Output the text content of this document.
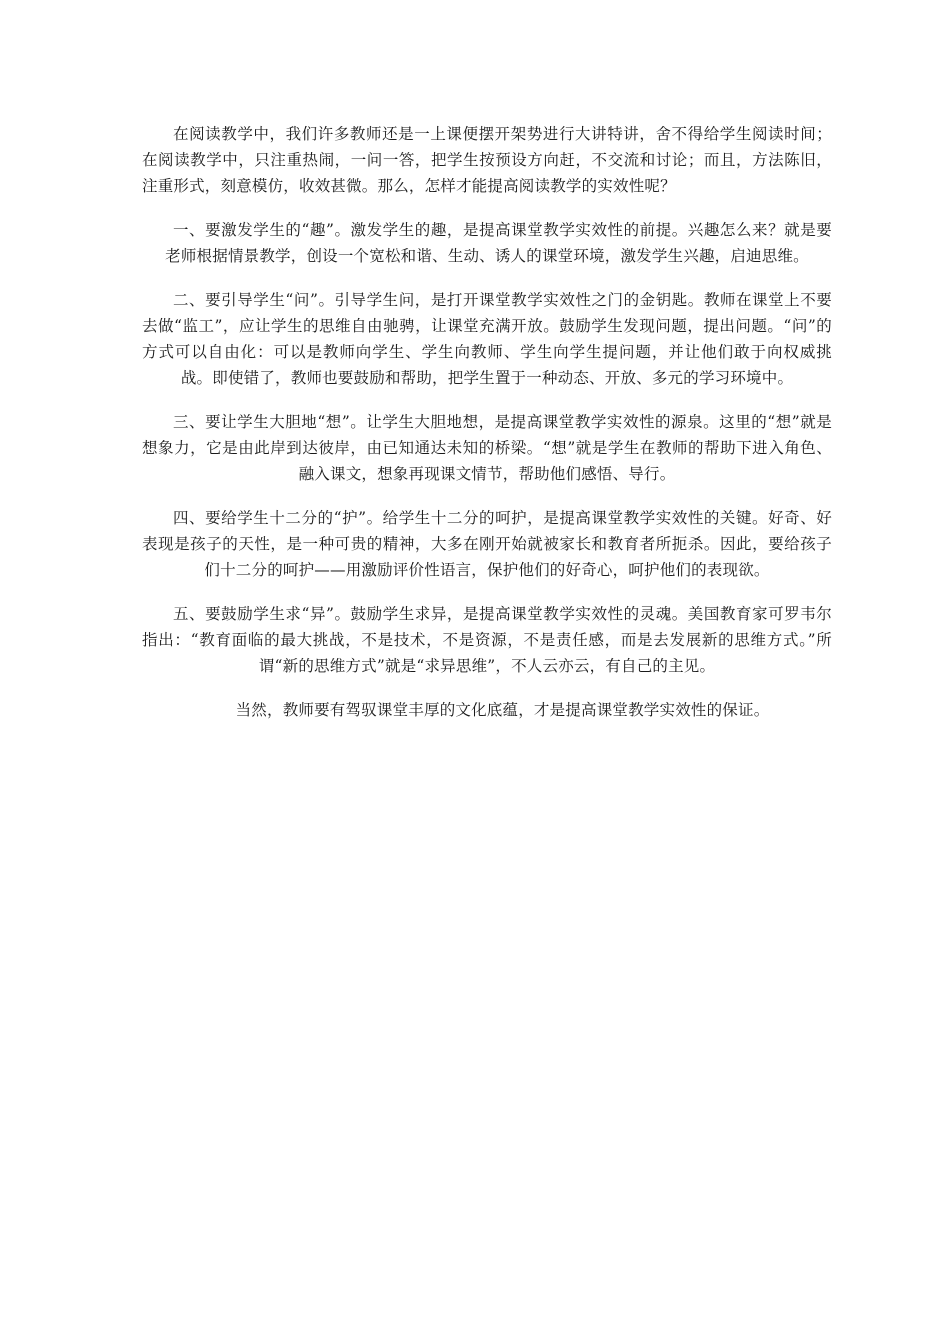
在阅读教学中，我们许多教师还是一上课便摆开架势进行大讲特讲，舍不得给学生阅读时间；在阅读教学中，只注重热闹，一问一答，把学生按预设方向赶，不交流和讨论；而且，方法陈旧，注重形式，刻意模仿，收效甚微。那么，怎样才能提高阅读教学的实效性呢？

一、要激发学生的“趣”。激发学生的趣，是提高课堂教学实效性的前提。兴趣怎么来？就是要老师根据情景教学，创设一个宽松和谐、生动、诱人的课堂环境，激发学生兴趣，启迪思维。

二、要引导学生“问”。引导学生问，是打开课堂教学实效性之门的金钥匙。教师在课堂上不要去做“监工”，应让学生的思维自由驰骋，让课堂充满开放。鼓励学生发现问题，提出问题。“问”的方式可以自由化：可以是教师向学生、学生向教师、学生向学生提问题，并让他们敢于向权威挑战。即使错了，教师也要鼓励和帮助，把学生置于一种动态、开放、多元的学习环境中。

三、要让学生大胆地“想”。让学生大胆地想，是提高课堂教学实效性的源泉。这里的“想”就是想象力，它是由此岸到达彼岸，由已知通达未知的桥梁。“想”就是学生在教师的帮助下进入角色、融入课文，想象再现课文情节，帮助他们感悟、导行。

四、要给学生十二分的“护”。给学生十二分的呵护，是提高课堂教学实效性的关键。好奇、好表现是孩子的天性，是一种可贵的精神，大多在刚开始就被家长和教育者所扼杀。因此，要给孩子们十二分的呵护——用激励评价性语言，保护他们的好奇心，呵护他们的表现欲。

五、要鼓励学生求“异”。鼓励学生求异，是提高课堂教学实效性的灵魂。美国教育家可罗韦尔指出：“教育面临的最大挑战，不是技术，不是资源，不是责任感，而是去发展新的思维方式。”所谓“新的思维方式”就是“求异思维”，不人云亦云，有自己的主见。

当然，教师要有驾驭课堂丰厚的文化底蕴，才是提高课堂教学实效性的保证。
